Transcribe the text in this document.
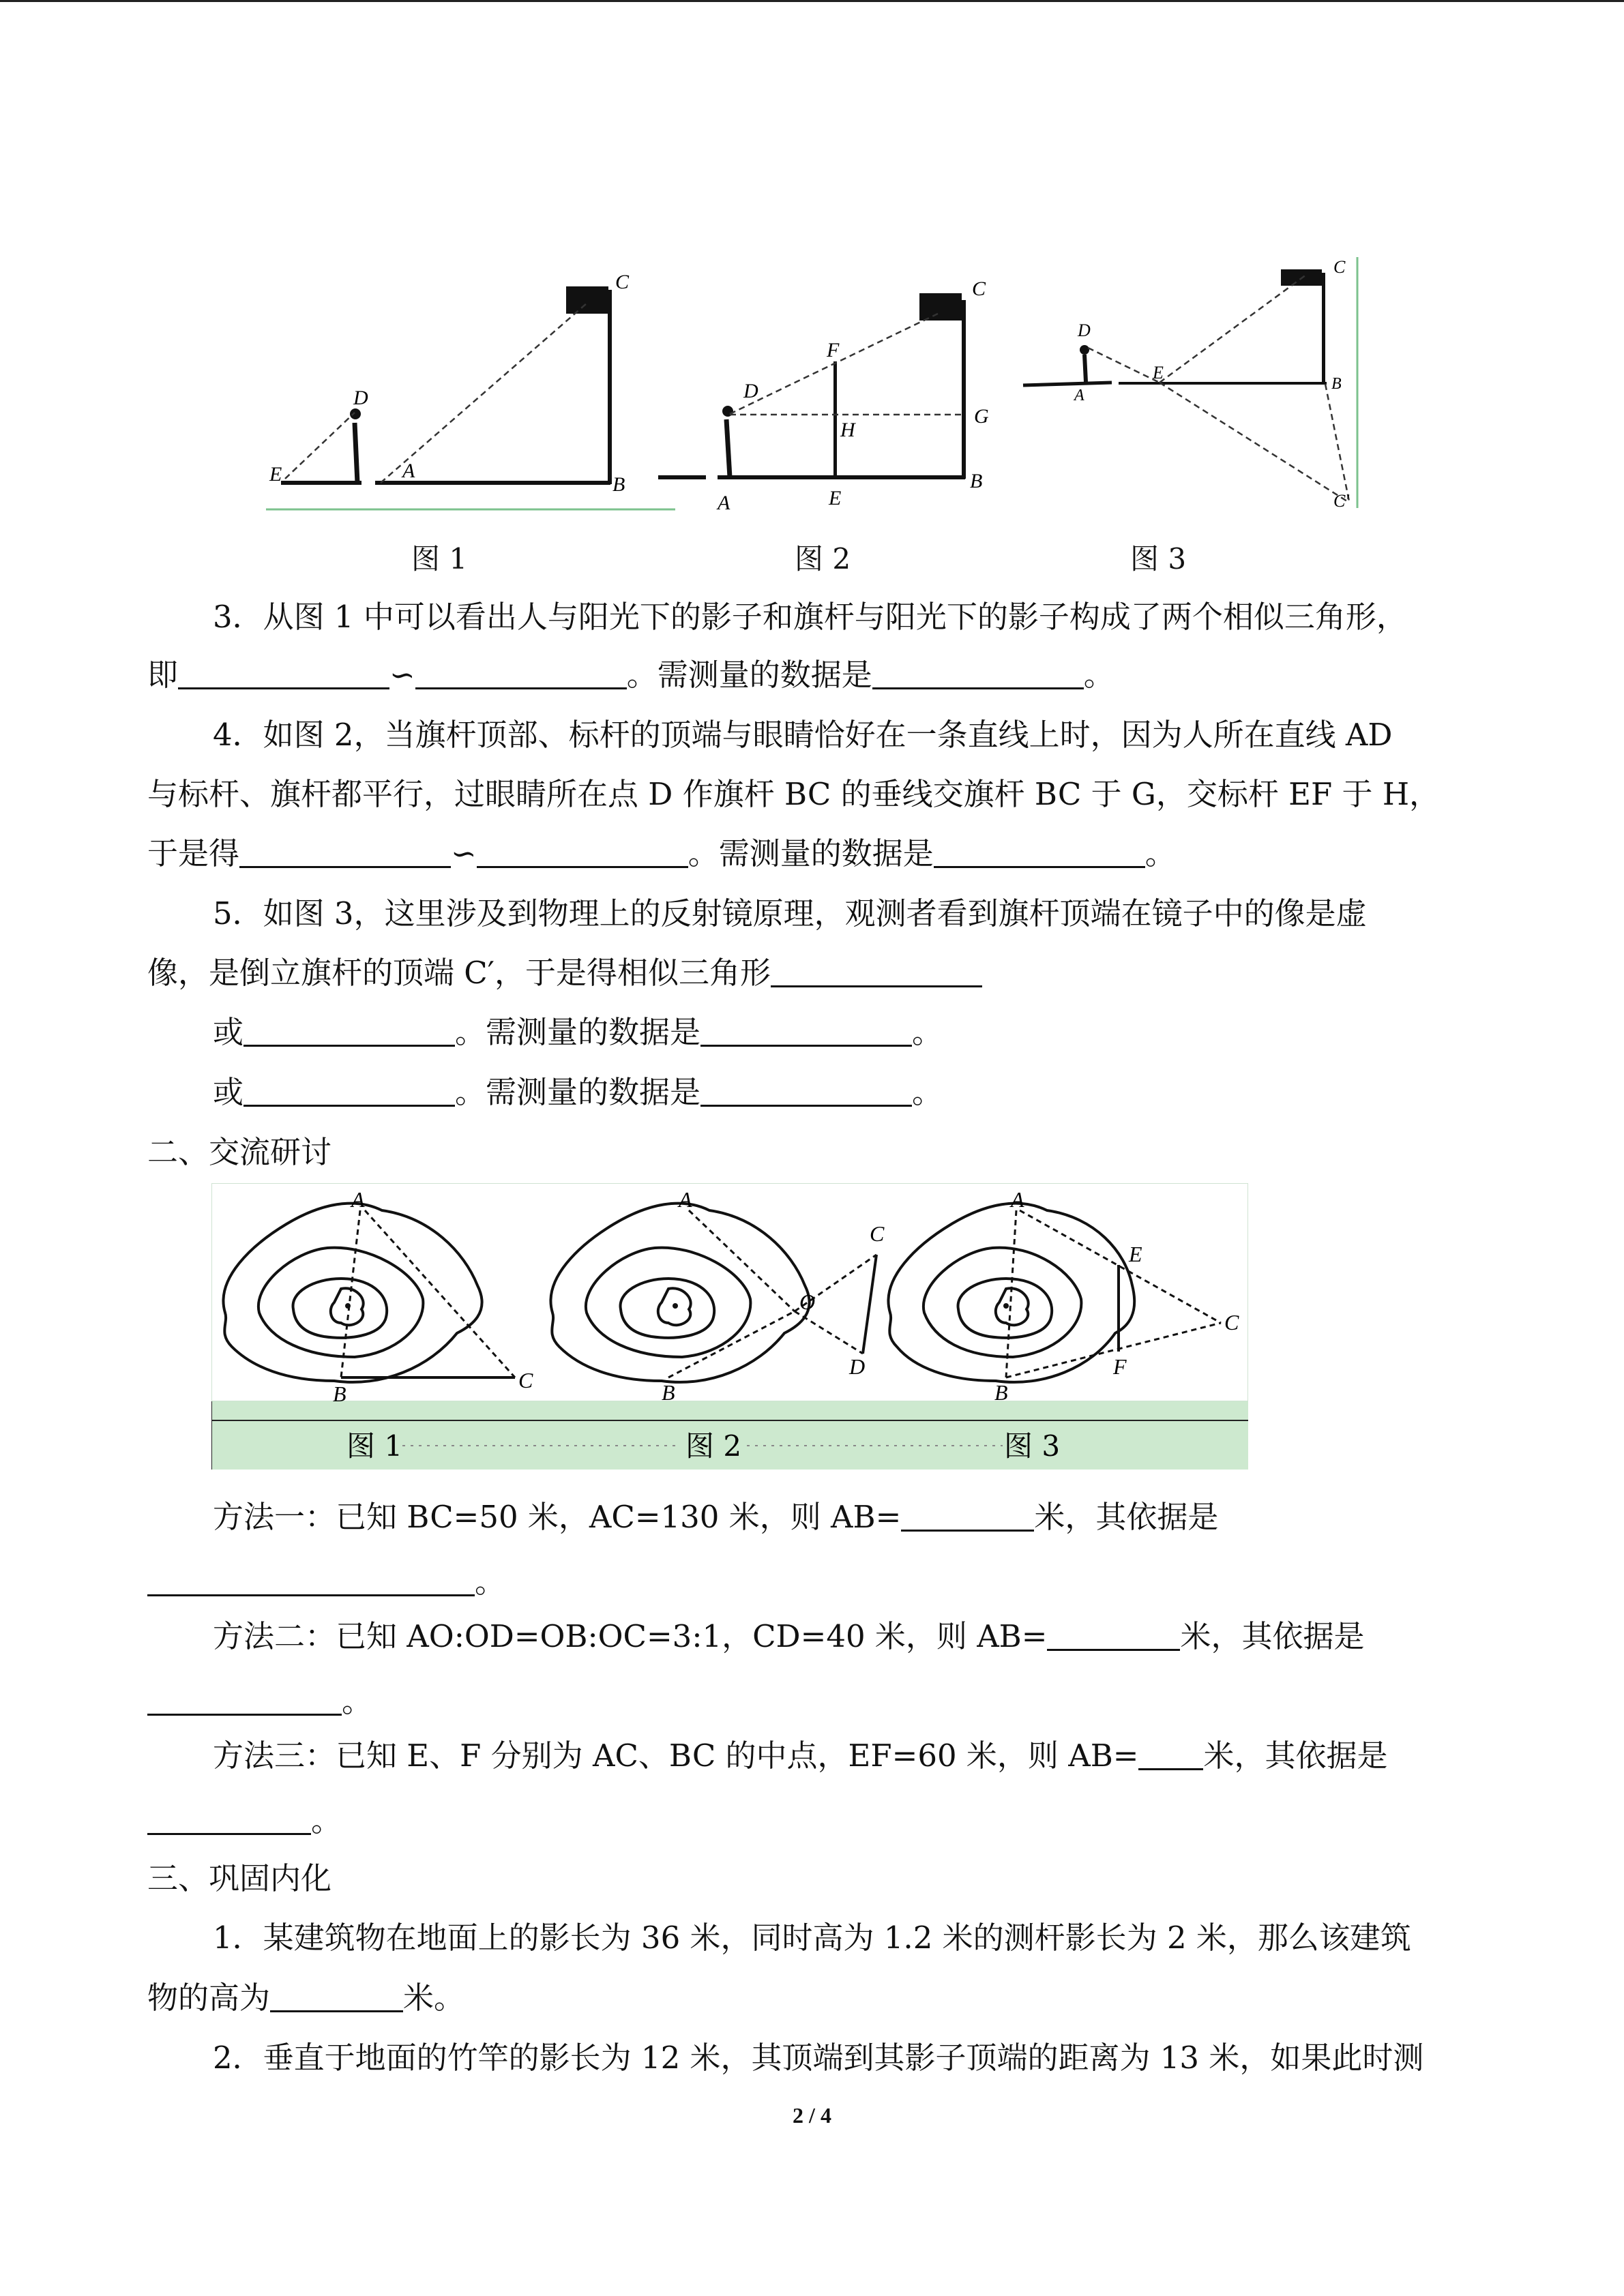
C
D
E	A
B
C
F
D
G
H
A	E
B
C
D
E
A
B
C′
图 1	图 2	图 3
3．从图 1 中可以看出人与阳光下的影子和旗杆与阳光下的影子构成了两个相似三角形，
即	∽	。需测量的数据是	。
4．如图 2，当旗杆顶部、标杆的顶端与眼睛恰好在一条直线上时，因为人所在直线 AD
与标杆、旗杆都平行，过眼睛所在点 D 作旗杆 BC 的垂线交旗杆 BC 于 G，交标杆 EF 于 H，
于是得	∽	。需测量的数据是	。
5．如图 3，这里涉及到物理上的反射镜原理，观测者看到旗杆顶端在镜子中的像是虚
像，是倒立旗杆的顶端 C′，于是得相似三角形
或	。需测量的数据是	。
或	。需测量的数据是	。
二、交流研讨
A
B
C
A
B
O
C
D
A
B
E
F
C
图 1	图 2	图 3
方法一：已知 BC=50 米，AC=130 米，则 AB=	米，其依据是
。
方法二：已知 AO:OD=OB:OC=3:1，CD=40 米，则 AB=	米，其依据是
。
方法三：已知 E、F 分别为 AC、BC 的中点，EF=60 米，则 AB= 米，其依据是
。
三、巩固内化
1．某建筑物在地面上的影长为 36 米，同时高为 1.2 米的测杆影长为 2 米，那么该建筑
物的高为	米。
2．垂直于地面的竹竿的影长为 12 米，其顶端到其影子顶端的距离为 13 米，如果此时测
2 / 4
